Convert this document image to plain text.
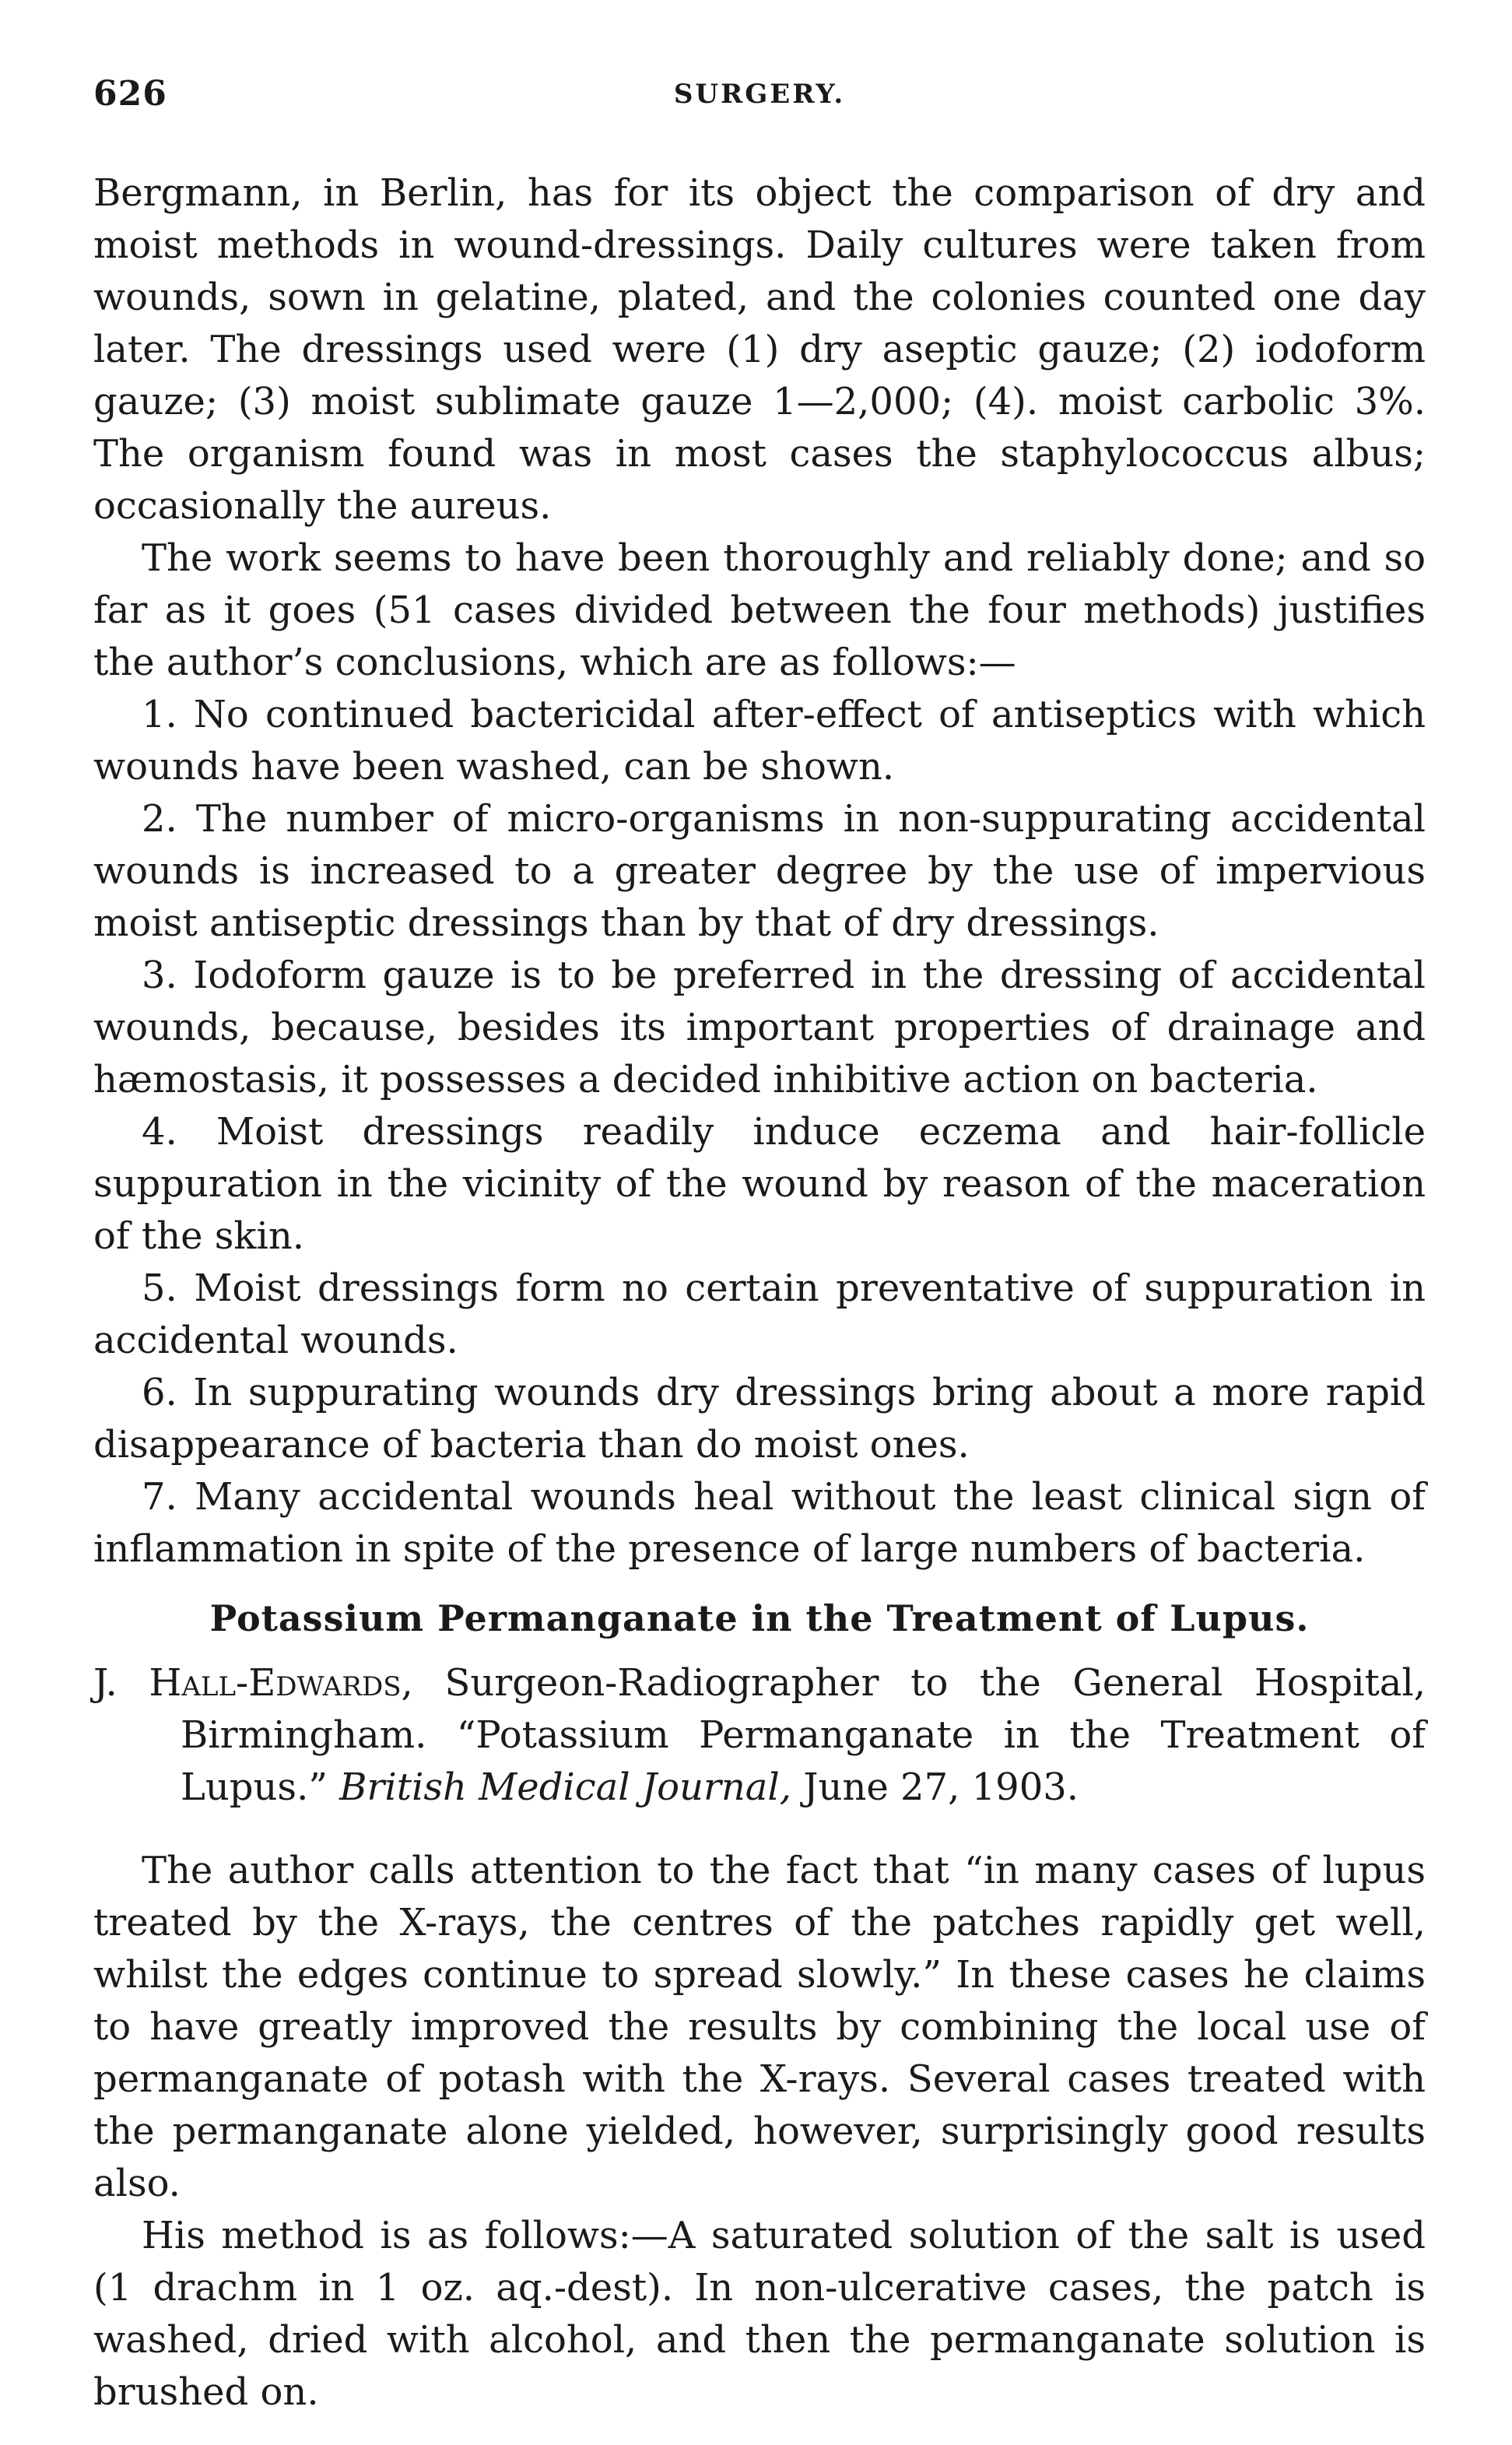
626	SURGERY.

Bergmann, in Berlin, has for its object the comparison of dry and moist methods in wound-dressings. Daily cultures were taken from wounds, sown in gelatine, plated, and the colonies counted one day later. The dressings used were (1) dry aseptic gauze; (2) iodoform gauze; (3) moist sublimate gauze 1—2,000; (4). moist carbolic 3%. The organism found was in most cases the staphylococcus albus; occasionally the aureus.

The work seems to have been thoroughly and reliably done; and so far as it goes (51 cases divided between the four methods) justifies the author’s conclusions, which are as follows:—

1. No continued bactericidal after-effect of antiseptics with which wounds have been washed, can be shown.

2. The number of micro-organisms in non-suppurating accidental wounds is increased to a greater degree by the use of impervious moist antiseptic dressings than by that of dry dressings.

3. Iodoform gauze is to be preferred in the dressing of accidental wounds, because, besides its important properties of drainage and hæmostasis, it possesses a decided inhibitive action on bacteria.

4. Moist dressings readily induce eczema and hair-follicle suppuration in the vicinity of the wound by reason of the maceration of the skin.

5. Moist dressings form no certain preventative of suppuration in accidental wounds.

6. In suppurating wounds dry dressings bring about a more rapid disappearance of bacteria than do moist ones.

7. Many accidental wounds heal without the least clinical sign of inflammation in spite of the presence of large numbers of bacteria.

Potassium Permanganate in the Treatment of Lupus.
J. Hall-Edwards, Surgeon-Radiographer to the General Hospital, Birmingham. “Potassium Permanganate in the Treatment of Lupus.” British Medical Journal, June 27, 1903.

The author calls attention to the fact that “in many cases of lupus treated by the X-rays, the centres of the patches rapidly get well, whilst the edges continue to spread slowly.” In these cases he claims to have greatly improved the results by combining the local use of permanganate of potash with the X-rays. Several cases treated with the permanganate alone yielded, however, surprisingly good results also.

His method is as follows:—A saturated solution of the salt is used (1 drachm in 1 oz. aq.-dest). In non-ulcerative cases, the patch is washed, dried with alcohol, and then the permanganate solution is brushed on.
